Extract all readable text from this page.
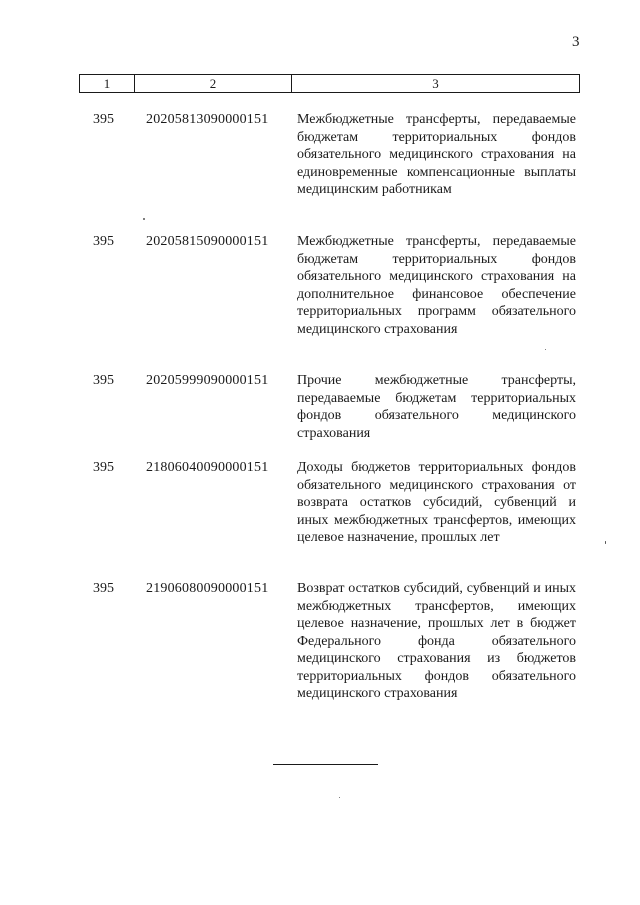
3
1	2	3
395 20205813090000151 Межбюджетные трансферты, передаваемые бюджетам территориальных фондов обязательного медицинского страхования на единовременные компенсационные выплаты медицинским работникам
395 20205815090000151 Межбюджетные трансферты, передаваемые бюджетам территориальных фондов обязательного медицинского страхования на дополнительное финансовое обеспечение территориальных программ обязательного медицинского страхования
395 20205999090000151 Прочие межбюджетные трансферты, передаваемые бюджетам территориальных фондов обязательного медицинского страхования
395 21806040090000151 Доходы бюджетов территориальных фондов обязательного медицинского страхования от возврата остатков субсидий, субвенций и иных межбюджетных трансфертов, имеющих целевое назначение, прошлых лет
395 21906080090000151 Возврат остатков субсидий, субвенций и иных межбюджетных трансфертов, имеющих целевое назначение, прошлых лет в бюджет Федерального фонда обязательного медицинского страхования из бюджетов территориальных фондов обязательного медицинского страхования
